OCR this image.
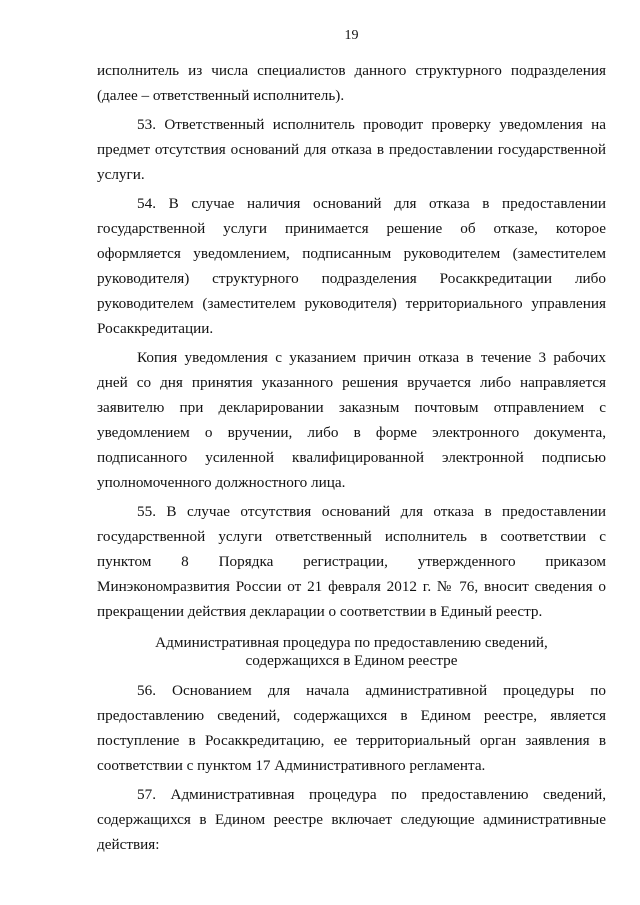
19

исполнитель из числа специалистов данного структурного подразделения (далее – ответственный исполнитель).

53. Ответственный исполнитель проводит проверку уведомления на предмет отсутствия оснований для отказа в предоставлении государственной услуги.

54. В случае наличия оснований для отказа в предоставлении государственной услуги принимается решение об отказе, которое оформляется уведомлением, подписанным руководителем (заместителем руководителя) структурного подразделения Росаккредитации либо руководителем (заместителем руководителя) территориального управления Росаккредитации.

Копия уведомления с указанием причин отказа в течение 3 рабочих дней со дня принятия указанного решения вручается либо направляется заявителю при декларировании заказным почтовым отправлением с уведомлением о вручении, либо в форме электронного документа, подписанного усиленной квалифицированной электронной подписью уполномоченного должностного лица.

55. В случае отсутствия оснований для отказа в предоставлении государственной услуги ответственный исполнитель в соответствии с пунктом 8 Порядка регистрации, утвержденного приказом Минэкономразвития России от 21 февраля 2012 г. № 76, вносит сведения о прекращении действия декларации о соответствии в Единый реестр.

Административная процедура по предоставлению сведений,
содержащихся в Едином реестре

56. Основанием для начала административной процедуры по предоставлению сведений, содержащихся в Едином реестре, является поступление в Росаккредитацию, ее территориальный орган заявления в соответствии с пунктом 17 Административного регламента.

57. Административная процедура по предоставлению сведений, содержащихся в Едином реестре включает следующие административные действия:
